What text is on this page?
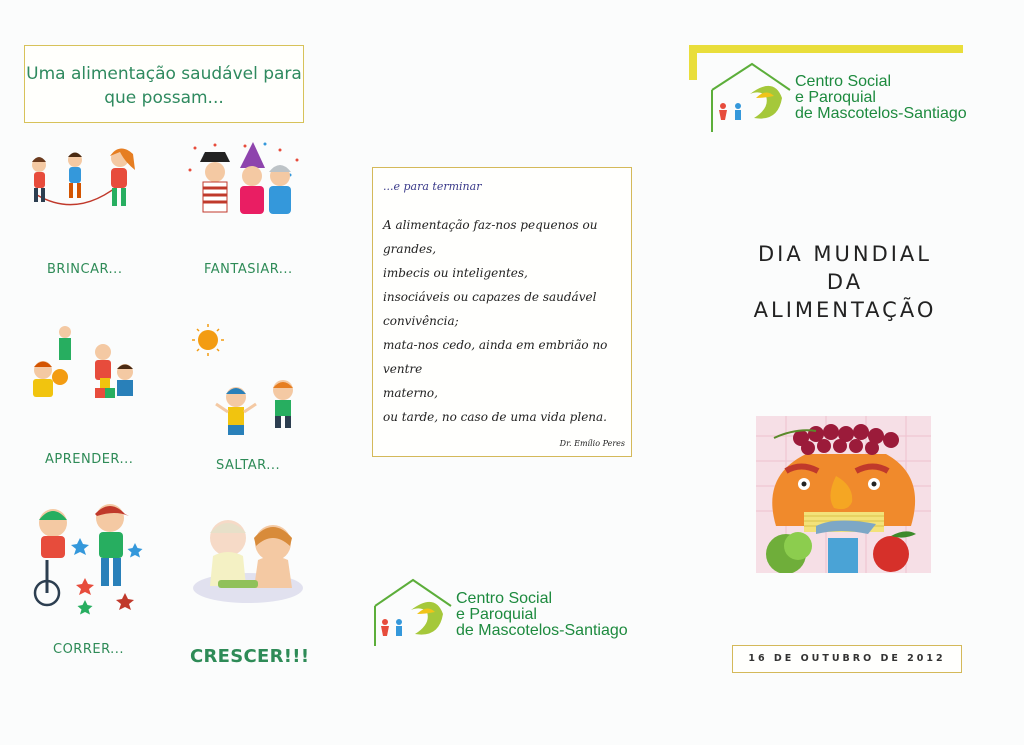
Uma alimentação saudável para que possam...
BRINCAR...	FANTASIAR...
APRENDER...	SALTAR...
CORRER...	CRESCER!!!

...e para terminar

A alimentação faz-nos pequenos ou

grandes,

imbecis ou inteligentes,

insociáveis ou capazes de saudável

convivência;

mata-nos cedo, ainda em embrião no ventre

materno,

ou tarde, no caso de uma vida plena.

Dr. Emílio Peres
Centro Social
e Paroquial
de Mascotelos-Santiago
Centro Social
e Paroquial
de Mascotelos-Santiago
DIA MUNDIAL
DA
ALIMENTAÇÃO
16 DE OUTUBRO DE 2012
